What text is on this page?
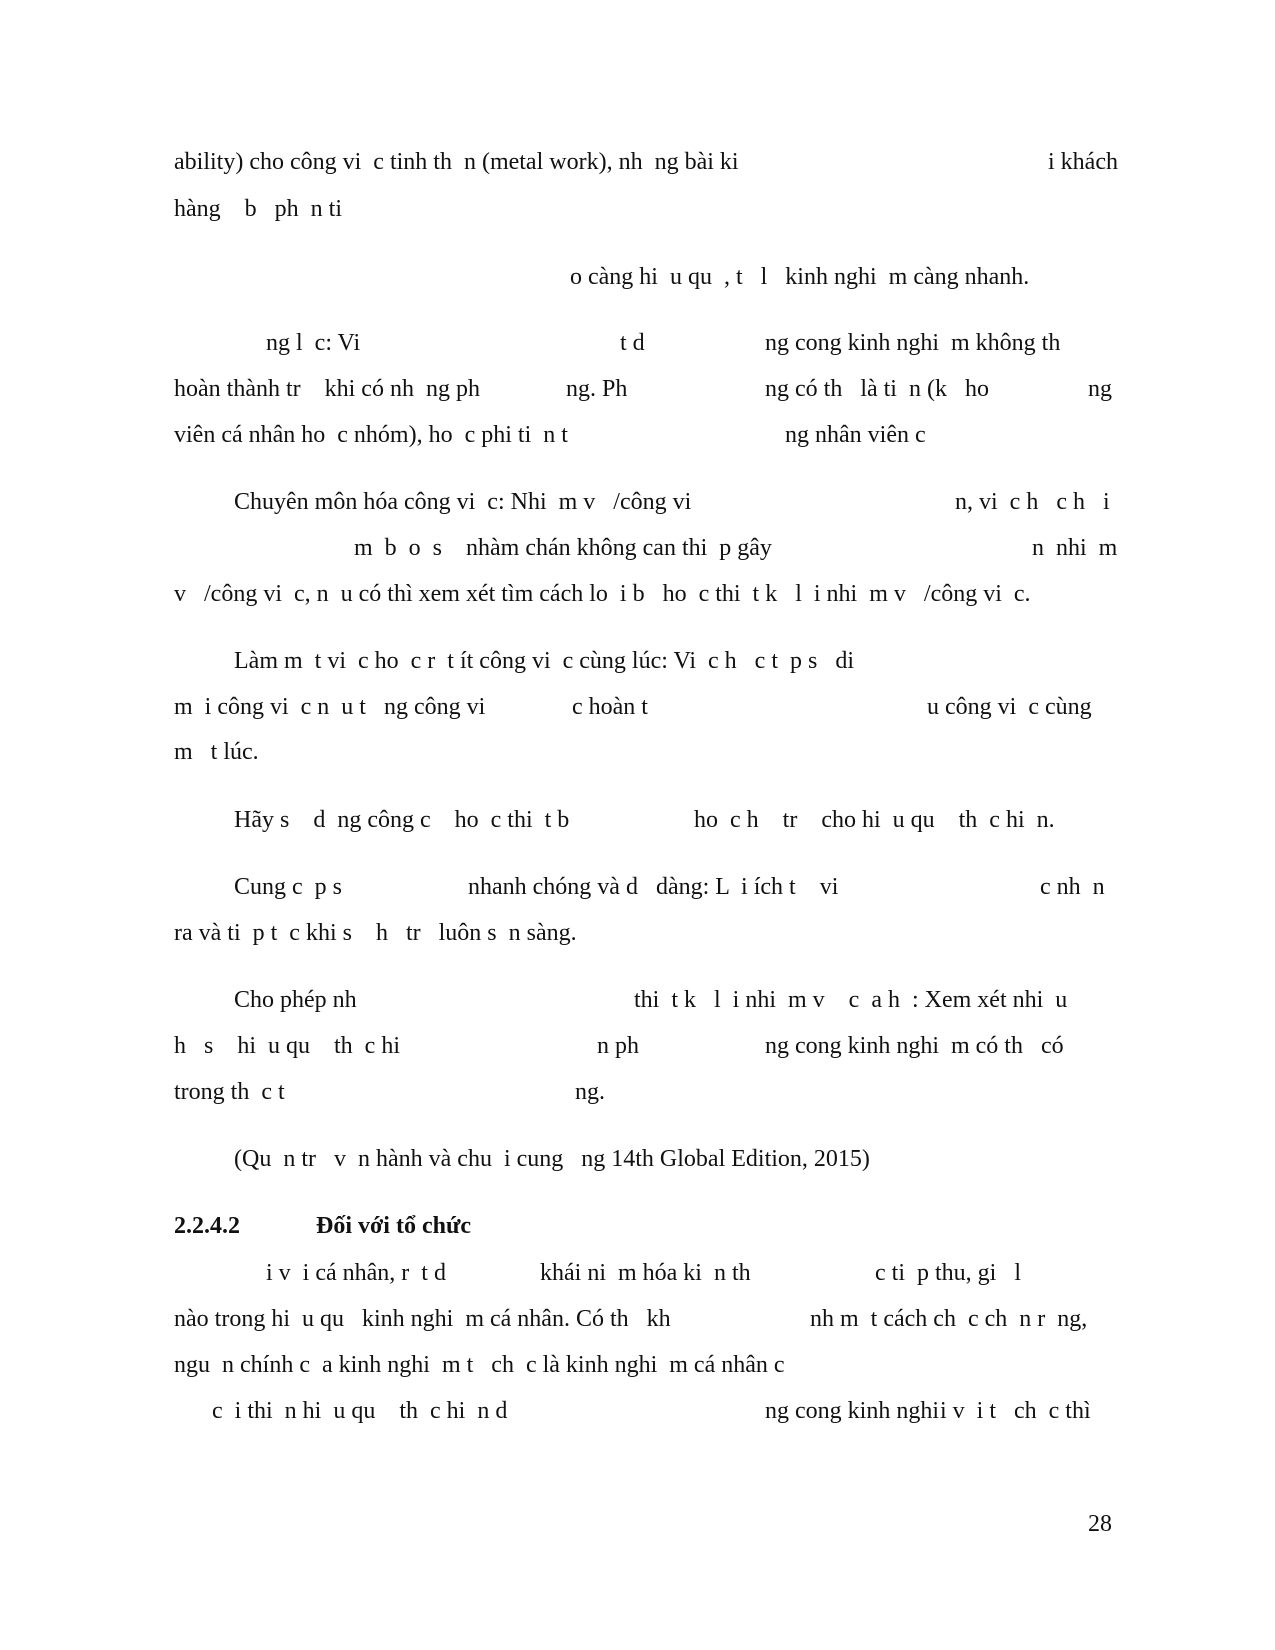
ability) cho công vi  c tinh th  n (metal work), nh  ng bài ki	i khách
hàng    b   ph  n ti
o càng hi  u qu  , t   l   kinh nghi  m càng nhanh.
ng l  c: Vi	t d	ng cong kinh nghi  m không th
hoàn thành tr    khi có nh  ng ph	ng. Ph	ng có th   là ti  n (k   ho	ng
viên cá nhân ho  c nhóm), ho  c phi ti  n t	ng nhân viên c
Chuyên môn hóa công vi  c: Nhi  m v   /công vi	n, vi  c h   c h   i
m  b  o  s    nhàm chán không can thi  p gây	n  nhi  m
v   /công vi  c, n  u có thì xem xét tìm cách lo  i b   ho  c thi  t k   l  i nhi  m v   /công vi  c.
Làm m  t vi  c ho  c r  t ít công vi  c cùng lúc: Vi  c h   c t  p s   di
m  i công vi  c n  u t   ng công vi	c hoàn t	u công vi  c cùng
m   t lúc.
Hãy s    d  ng công c    ho  c thi  t b	ho  c h    tr    cho hi  u qu    th  c hi  n.
Cung c  p s	nhanh chóng và d   dàng: L  i ích t    vi	c nh  n
ra và ti  p t  c khi s    h   tr   luôn s  n sàng.
Cho phép nh	thi  t k   l  i nhi  m v    c  a h  : Xem xét nhi  u
h   s    hi  u qu    th  c hi	n ph	ng cong kinh nghi  m có th   có
trong th  c t	ng.
(Qu  n tr   v  n hành và chu  i cung   ng 14th Global Edition, 2015)
i v  i cá nhân, r  t d	khái ni  m hóa ki  n th	c ti  p thu, gi   l
nào trong hi  u qu   kinh nghi  m cá nhân. Có th   kh	nh m  t cách ch  c ch  n r  ng,
ngu  n chính c  a kinh nghi  m t   ch  c là kinh nghi  m cá nhân c
c  i thi  n hi  u qu    th  c hi  n d	ng cong kinh nghi i v  i t   ch  c thì
2.2.4.2	Đối với tổ chức
28
